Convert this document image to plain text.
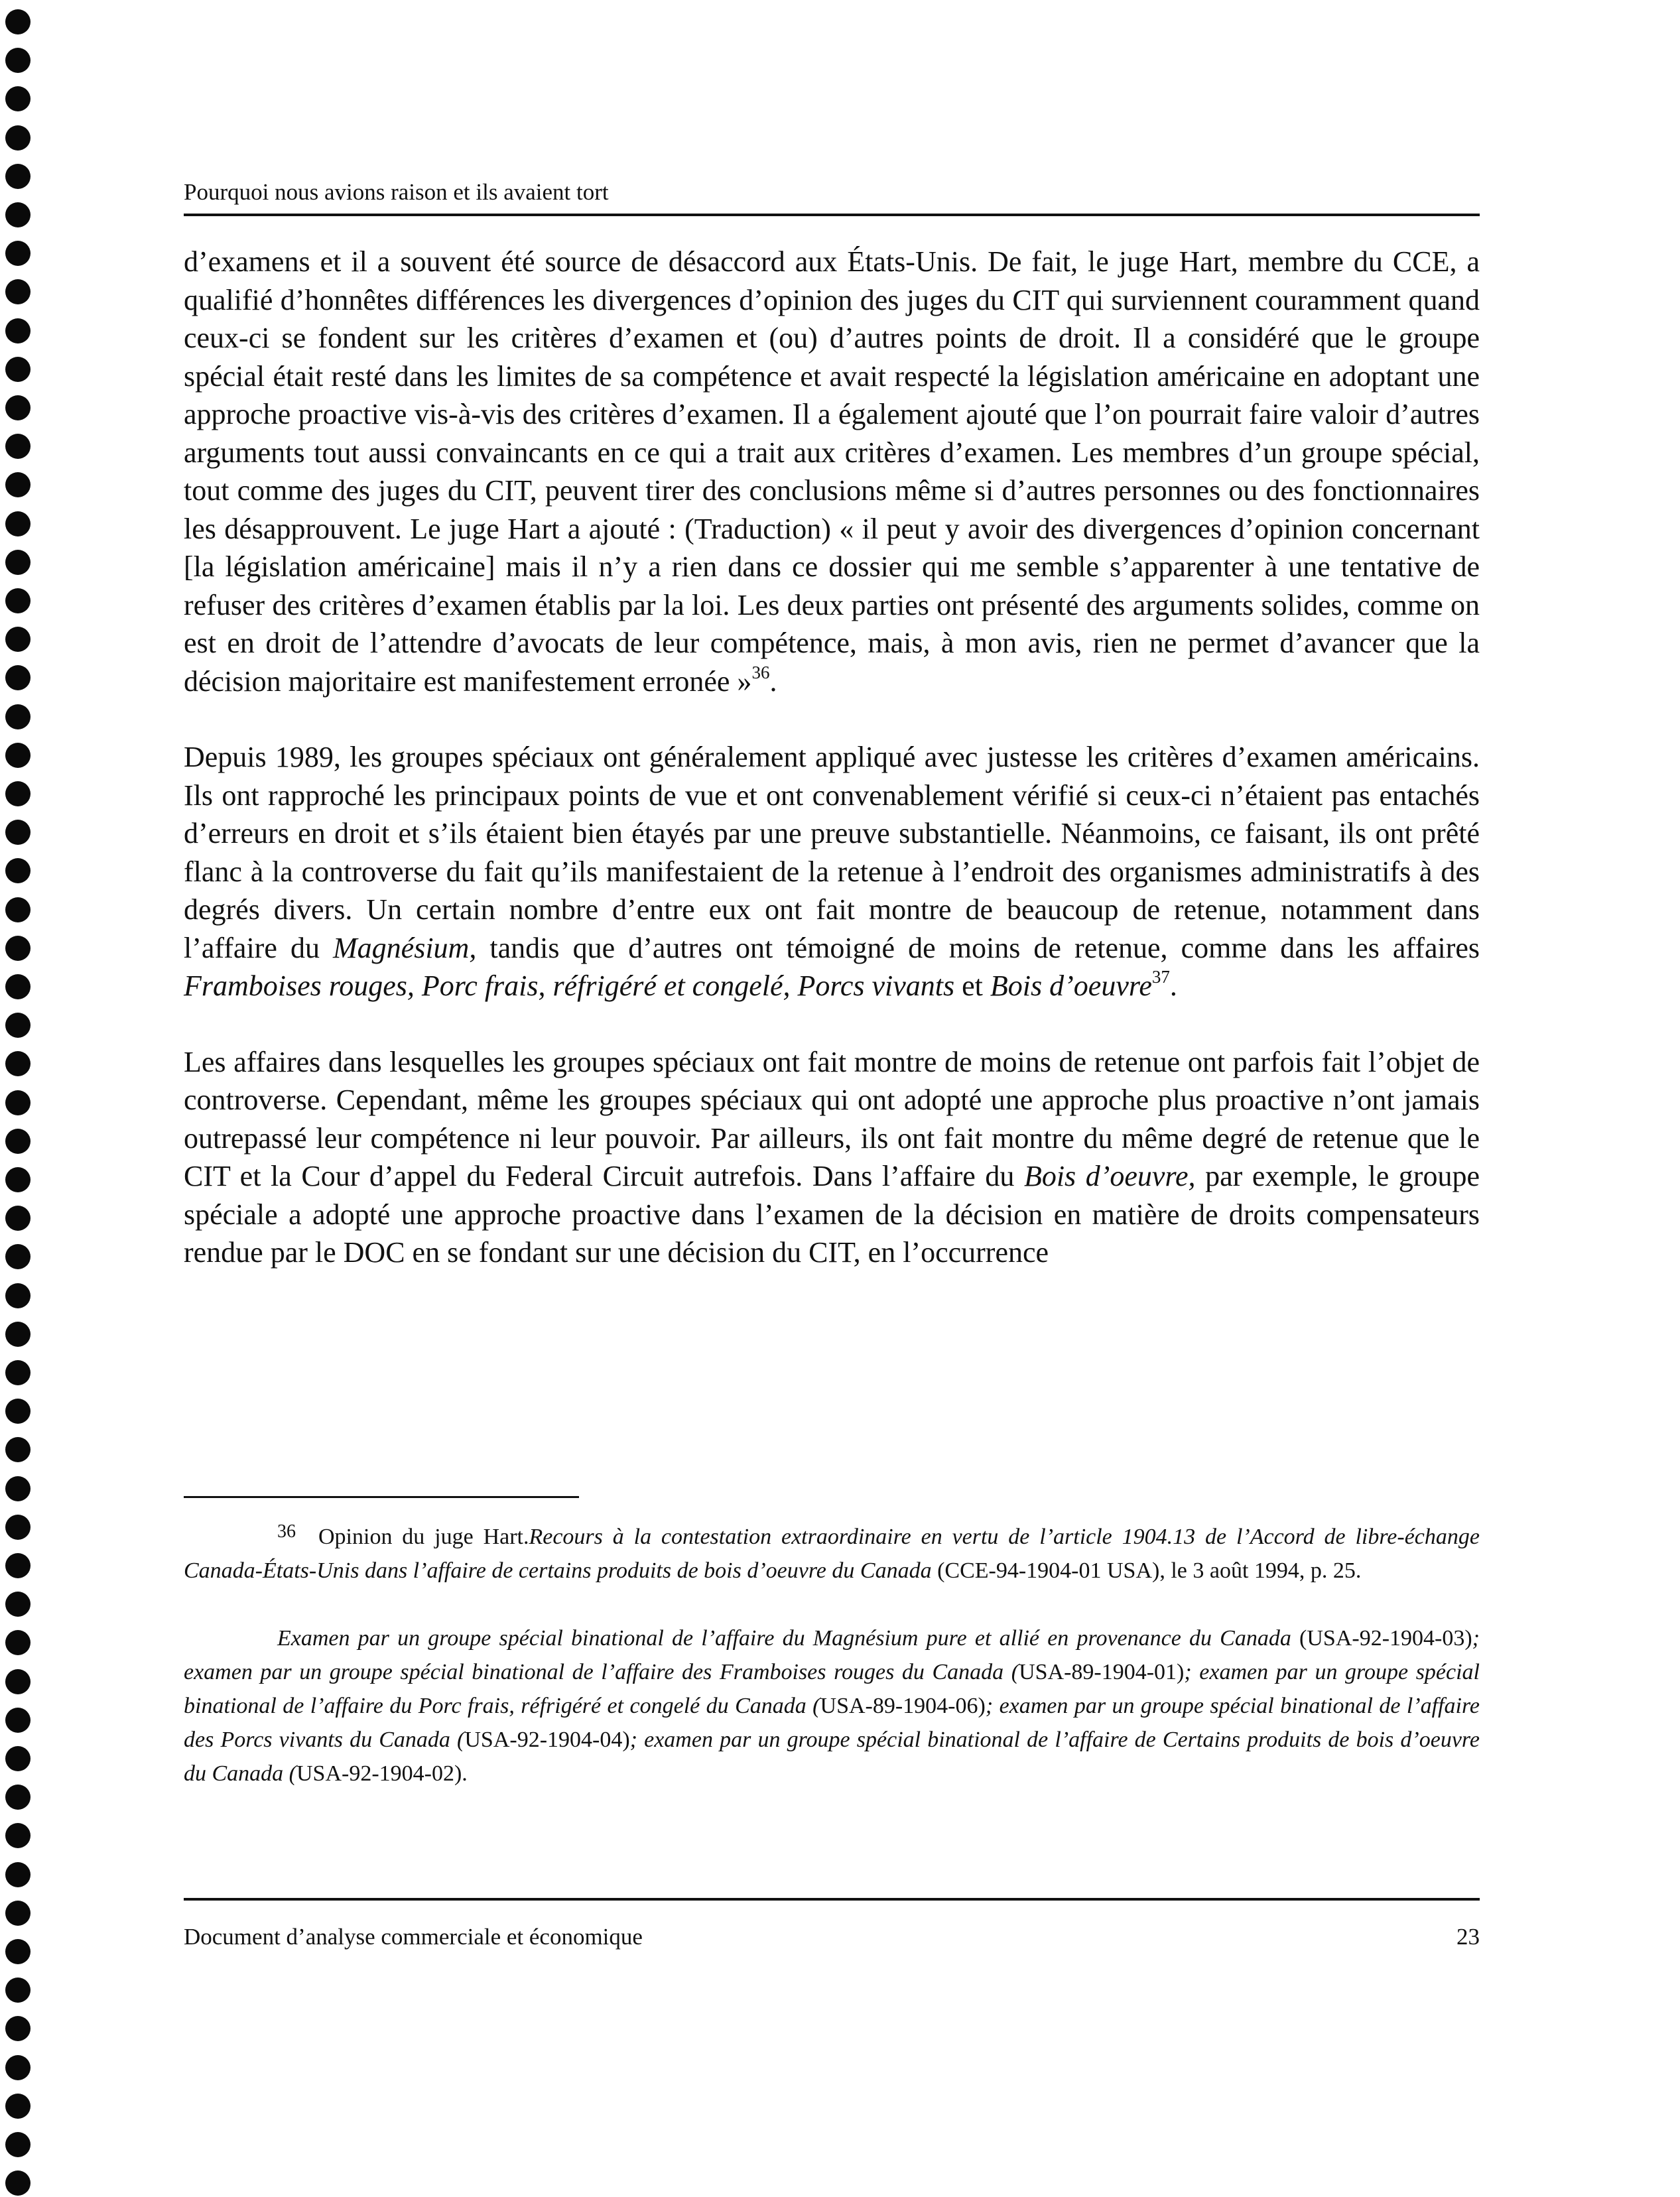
Pourquoi nous avions raison et ils avaient tort

d’examens et il a souvent été source de désaccord aux États-Unis. De fait, le juge Hart, membre du CCE, a qualifié d’honnêtes différences les divergences d’opinion des juges du CIT qui surviennent couramment quand ceux-ci se fondent sur les critères d’examen et (ou) d’autres points de droit. Il a considéré que le groupe spécial était resté dans les limites de sa compétence et avait respecté la législation américaine en adoptant une approche proactive vis-à-vis des critères d’examen. Il a également ajouté que l’on pourrait faire valoir d’autres arguments tout aussi convaincants en ce qui a trait aux critères d’examen. Les membres d’un groupe spécial, tout comme des juges du CIT, peuvent tirer des conclusions même si d’autres personnes ou des fonctionnaires les désapprouvent. Le juge Hart a ajouté : (Traduction) « il peut y avoir des divergences d’opinion concernant [la législation américaine] mais il n’y a rien dans ce dossier qui me semble s’apparenter à une tentative de refuser des critères d’examen établis par la loi. Les deux parties ont présenté des arguments solides, comme on est en droit de l’attendre d’avocats de leur compétence, mais, à mon avis, rien ne permet d’avancer que la décision majoritaire est manifestement erronée »$^{36}$.

Depuis 1989, les groupes spéciaux ont généralement appliqué avec justesse les critères d’examen américains. Ils ont rapproché les principaux points de vue et ont convenablement vérifié si ceux-ci n’étaient pas entachés d’erreurs en droit et s’ils étaient bien étayés par une preuve substantielle. Néanmoins, ce faisant, ils ont prêté flanc à la controverse du fait qu’ils manifestaient de la retenue à l’endroit des organismes administratifs à des degrés divers. Un certain nombre d’entre eux ont fait montre de beaucoup de retenue, notamment dans l’affaire du Magnésium, tandis que d’autres ont témoigné de moins de retenue, comme dans les affaires Framboises rouges, Porc frais, réfrigéré et congelé, Porcs vivants et Bois d’oeuvre$^{37}$.

Les affaires dans lesquelles les groupes spéciaux ont fait montre de moins de retenue ont parfois fait l’objet de controverse. Cependant, même les groupes spéciaux qui ont adopté une approche plus proactive n’ont jamais outrepassé leur compétence ni leur pouvoir. Par ailleurs, ils ont fait montre du même degré de retenue que le CIT et la Cour d’appel du Federal Circuit autrefois. Dans l’affaire du Bois d’oeuvre, par exemple, le groupe spéciale a adopté une approche proactive dans l’examen de la décision en matière de droits compensateurs rendue par le DOC en se fondant sur une décision du CIT, en l’occurrence

36 Opinion du juge Hart.Recours à la contestation extraordinaire en vertu de l’article 1904.13 de l’Accord de libre-échange Canada-États-Unis dans l’affaire de certains produits de bois d’oeuvre du Canada (CCE-94-1904-01 USA), le 3 août 1994, p. 25.

Examen par un groupe spécial binational de l’affaire du Magnésium pure et allié en provenance du Canada (USA-92-1904-03); examen par un groupe spécial binational de l’affaire des Framboises rouges du Canada (USA-89-1904-01); examen par un groupe spécial binational de l’affaire du Porc frais, réfrigéré et congelé du Canada (USA-89-1904-06); examen par un groupe spécial binational de l’affaire des Porcs vivants du Canada (USA-92-1904-04); examen par un groupe spécial binational de l’affaire de Certains produits de bois d’oeuvre du Canada (USA-92-1904-02).

Document d’analyse commerciale et économique	23
